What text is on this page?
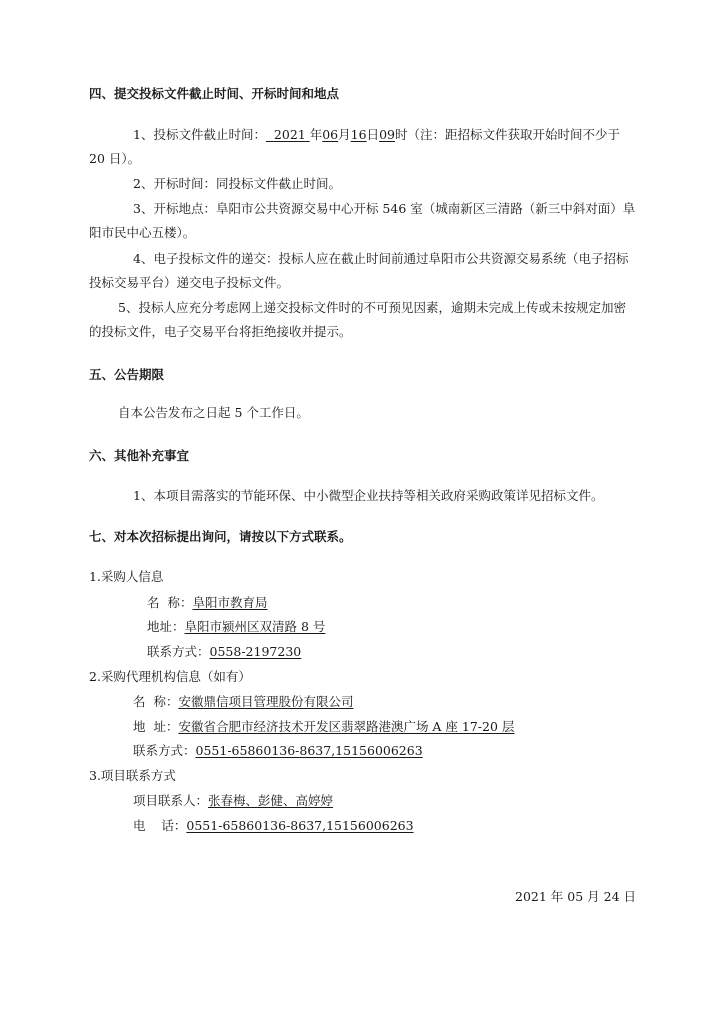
四、提交投标文件截止时间、开标时间和地点
1、投标文件截止时间： 2021 年06月16日09时（注：距招标文件获取开始时间不少于
20 日）。
2、开标时间：同投标文件截止时间。
3、开标地点：阜阳市公共资源交易中心开标 546 室（城南新区三清路（新三中斜对面）阜
阳市民中心五楼）。
4、电子投标文件的递交：投标人应在截止时间前通过阜阳市公共资源交易系统（电子招标
投标交易平台）递交电子投标文件。
5、投标人应充分考虑网上递交投标文件时的不可预见因素，逾期未完成上传或未按规定加密
的投标文件，电子交易平台将拒绝接收并提示。
五、公告期限
自本公告发布之日起 5 个工作日。
六、其他补充事宜
1、本项目需落实的节能环保、中小微型企业扶持等相关政府采购政策详见招标文件。
七、对本次招标提出询问，请按以下方式联系。
1.采购人信息
名  称：阜阳市教育局
地址：阜阳市颍州区双清路 8 号
联系方式：0558-2197230
2.采购代理机构信息（如有）
名  称：安徽鼎信项目管理股份有限公司
地  址：安徽省合肥市经济技术开发区翡翠路港澳广场 A 座 17-20 层
联系方式：0551-65860136-8637,15156006263
3.项目联系方式
项目联系人：张春梅、彭健、高婷婷
电    话：0551-65860136-8637,15156006263
2021 年 05 月 24 日
